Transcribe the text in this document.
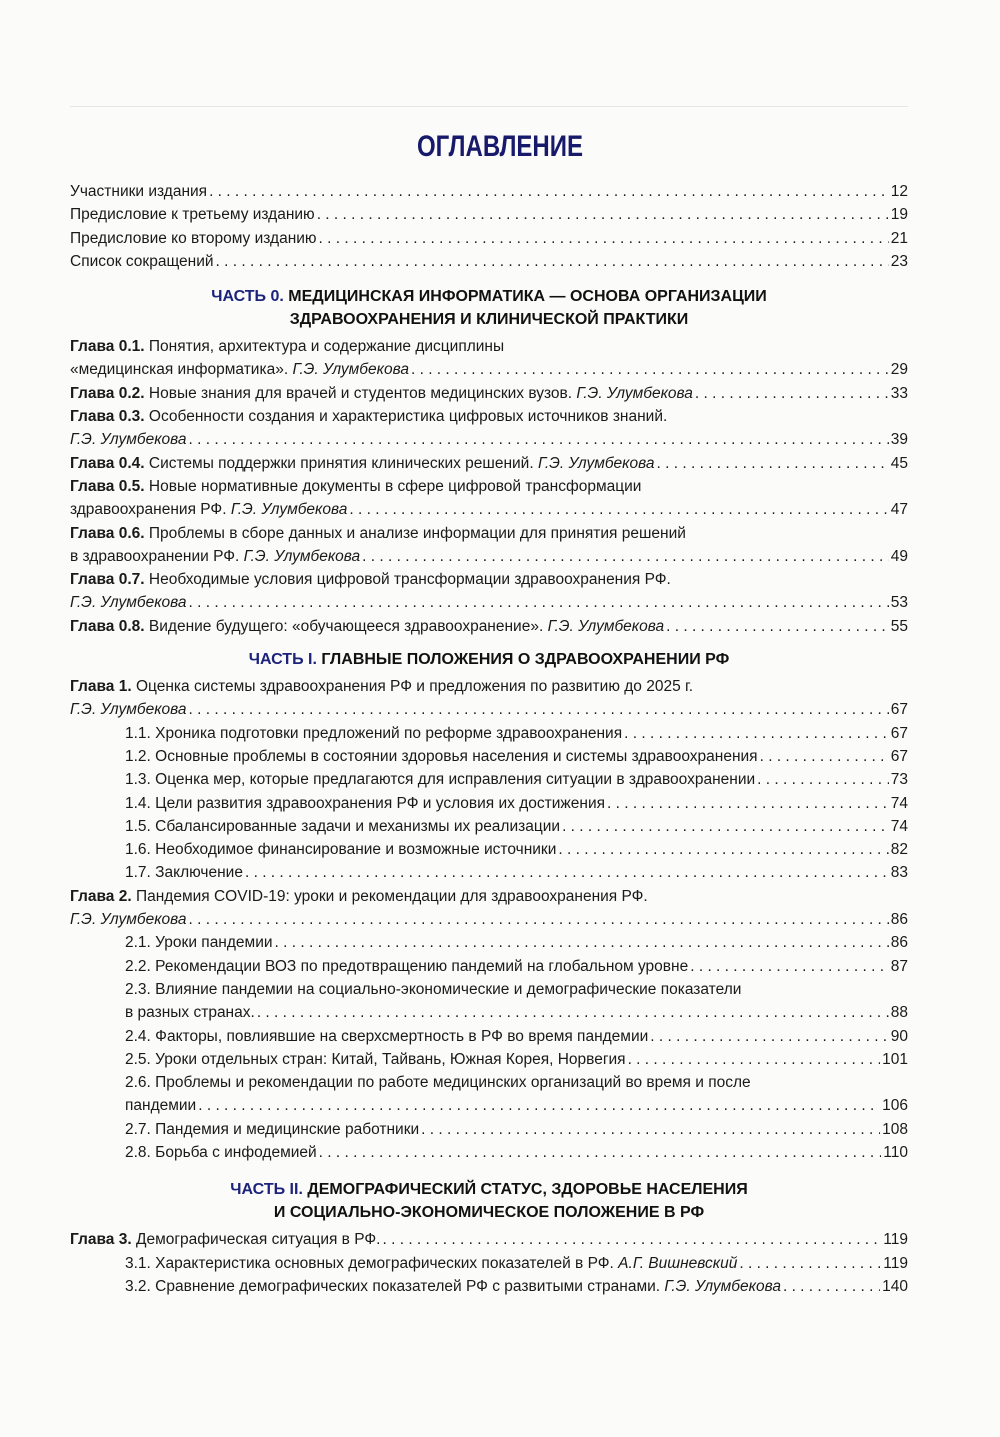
ОГЛАВЛЕНИЕ
Участники издания . . .	12
Предисловие к третьему изданию . . .	19
Предисловие ко второму изданию . . .	21
Список сокращений . . .	23
ЧАСТЬ 0. МЕДИЦИНСКАЯ ИНФОРМАТИКА — ОСНОВА ОРГАНИЗАЦИИ
ЗДРАВООХРАНЕНИЯ И КЛИНИЧЕСКОЙ ПРАКТИКИ
Глава 0.1. Понятия, архитектура и содержание дисциплины
«медицинская информатика». Г.Э. Улумбекова . . .	29
Глава 0.2. Новые знания для врачей и студентов медицинских вузов. Г.Э. Улумбекова . . .	33
Глава 0.3. Особенности создания и характеристика цифровых источников знаний.
Г.Э. Улумбекова . . .	39
Глава 0.4. Системы поддержки принятия клинических решений. Г.Э. Улумбекова . . .	45
Глава 0.5. Новые нормативные документы в сфере цифровой трансформации
здравоохранения РФ. Г.Э. Улумбекова . . .	47
Глава 0.6. Проблемы в сборе данных и анализе информации для принятия решений
в здравоохранении РФ. Г.Э. Улумбекова . . .	49
Глава 0.7. Необходимые условия цифровой трансформации здравоохранения РФ.
Г.Э. Улумбекова . . .	53
Глава 0.8. Видение будущего: «обучающееся здравоохранение». Г.Э. Улумбекова . . .	55
ЧАСТЬ I. ГЛАВНЫЕ ПОЛОЖЕНИЯ О ЗДРАВООХРАНЕНИИ РФ
Глава 1. Оценка системы здравоохранения РФ и предложения по развитию до 2025 г.
Г.Э. Улумбекова . . .	67
1.1. Хроника подготовки предложений по реформе здравоохранения . . .	67
1.2. Основные проблемы в состоянии здоровья населения и системы здравоохранения . . .	67
1.3. Оценка мер, которые предлагаются для исправления ситуации в здравоохранении . . .	73
1.4. Цели развития здравоохранения РФ и условия их достижения . . .	74
1.5. Сбалансированные задачи и механизмы их реализации . . .	74
1.6. Необходимое финансирование и возможные источники . . .	82
1.7. Заключение . . .	83
Глава 2. Пандемия COVID-19: уроки и рекомендации для здравоохранения РФ.
Г.Э. Улумбекова . . .	86
2.1. Уроки пандемии . . .	86
2.2. Рекомендации ВОЗ по предотвращению пандемий на глобальном уровне . . .	87
2.3. Влияние пандемии на социально-экономические и демографические показатели
в разных странах. . . .	88
2.4. Факторы, повлиявшие на сверхсмертность в РФ во время пандемии . . .	90
2.5. Уроки отдельных стран: Китай, Тайвань, Южная Корея, Норвегия . . .	101
2.6. Проблемы и рекомендации по работе медицинских организаций во время и после
пандемии . . .	106
2.7. Пандемия и медицинские работники . . .	108
2.8. Борьба с инфодемией . . .	110
ЧАСТЬ II. ДЕМОГРАФИЧЕСКИЙ СТАТУС, ЗДОРОВЬЕ НАСЕЛЕНИЯ
И СОЦИАЛЬНО-ЭКОНОМИЧЕСКОЕ ПОЛОЖЕНИЕ В РФ
Глава 3. Демографическая ситуация в РФ. . . .	119
3.1. Характеристика основных демографических показателей в РФ. А.Г. Вишневский . . .	119
3.2. Сравнение демографических показателей РФ с развитыми странами. Г.Э. Улумбекова . . .	140
